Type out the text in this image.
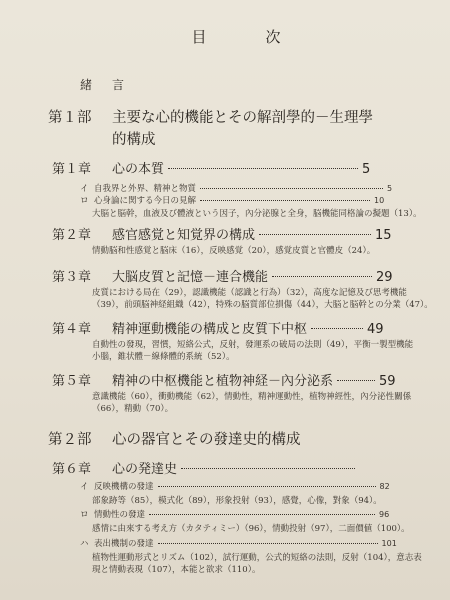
目　次
緒　言
第１部 主要な心的機能とその解剖學的－生理學
的構成
第１章 心の本質	5
イ 自我界と外界、精神と物質	5
ロ 心身論に関する今日の見解	10
大脳と脳幹，血液及び體液という因子，內分泌腺と全身，脳機能同格論の擬題（13）。
第２章 感官感覚と知覚界の構成	15
情動脳和性感覚と脳床（16），反映感覚（20），感覚皮質と官體皮（24）。
第３章 大脳皮質と記憶－連合機能	29
皮質における局在（29），認識機能（認識と行為）（32），高度な記憶及び思考機能
（39），前頭脳神経組織（42），特殊の脳質部位損傷（44），大脳と脳幹との分業（47）。
第４章 精神運動機能の構成と皮質下中枢	49
自動性の發現，習慣，短絡公式，反射，發運系の破局の法則（49），平衡一製型機能
小腦，錐状體－線條體的系統（52）。
第５章 精神の中枢機能と植物神経－內分泌系	59
意識機能（60），衝動機能（62），情動性，精神運動性，植物神經性，內分泌性關係
（66），精動（70）。
第２部 心の器官とその發達史的構成
第６章 心の発達史
イ 反映機構の發達	82
部象跡等（85），模式化（89），形象投射（93），感覺，心像，對象（94）。
ロ 情動性の發達	96
感情に由來する考え方（カタティミー）（96），情動投射（97），二面價値（100）。
ハ 表出機制の發達	101
植物性運動形式とリズム（102），試行運動，公式的短絡の法則，反射（104），意志表
現と情動表現（107），本能と欲求（110）。
